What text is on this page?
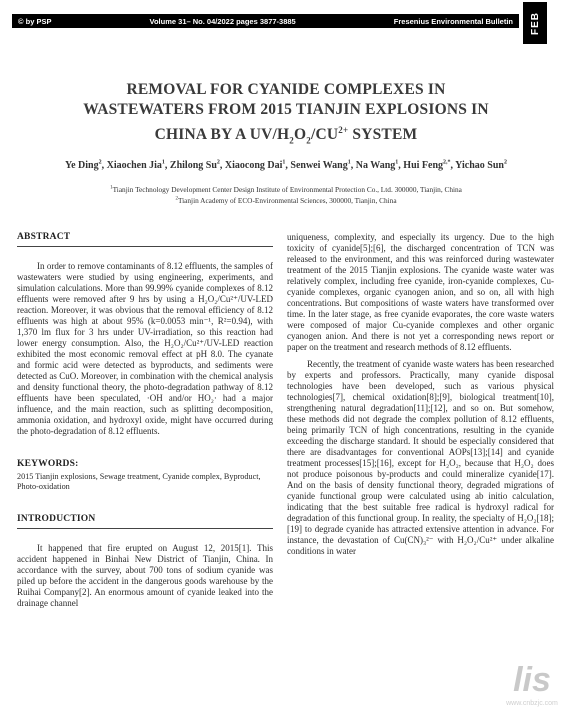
© by PSP	Volume 31– No. 04/2022 pages 3877-3885	Fresenius Environmental Bulletin FEB
REMOVAL FOR CYANIDE COMPLEXES IN
WASTEWATERS FROM 2015 TIANJIN EXPLOSIONS IN
CHINA BY A $UV/H_2O_2/CU^{2+}$ SYSTEM
Ye Ding$^2$, Xiaochen Jia$^1$, Zhilong Su$^2$, Xiaocong Dai$^1$, Senwei Wang$^1$, Na Wang$^1$, Hui Feng$^{2,*}$, Yichao Sun$^2$
$^1$Tianjin Technology Development Center Design Institute of Environmental Protection Co., Ltd. 300000, Tianjin, China
$^2$Tianjin Academy of ECO-Environmental Sciences, 300000, Tianjin, China
ABSTRACT

In order to remove contaminants of 8.12 effluents, the samples of wastewaters were studied by using engineering, experiments, and simulation calculations. More than 99.99% cyanide complexes of 8.12 effluents were removed after 9 hrs by using a H₂O₂/Cu²⁺/UV-LED reaction. Moreover, it was obvious that the removal efficiency of 8.12 effluents was high at about 95% (k=0.0053 min⁻¹, R²=0.94), with 1,370 lm flux for 3 hrs under UV-irradiation, so this reaction had lower energy consumption. Also, the H₂O₂/Cu²⁺/UV-LED reaction exhibited the most economic removal effect at pH 8.0. The cyanate and formic acid were detected as byproducts, and sediments were detected as CuO. Moreover, in combination with the chemical analysis and density functional theory, the photo-degradation pathway of 8.12 effluents have been speculated, ·OH and/or HO₂· had a major influence, and the main reaction, such as splitting decomposition, ammonia oxidation, and hydroxyl oxide, might have occurred during the photo-degradation of 8.12 effluents.

KEYWORDS:

2015 Tianjin explosions, Sewage treatment, Cyanide complex, Byproduct, Photo-oxidation

INTRODUCTION

It happened that fire erupted on August 12, 2015[1]. This accident happened in Binhai New District of Tianjin, China. In accordance with the survey, about 700 tons of sodium cyanide was piled up before the accident in the dangerous goods warehouse by the Ruihai Company[2]. An enormous amount of cyanide leaked into the drainage channel

uniqueness, complexity, and especially its urgency. Due to the high toxicity of cyanide[5];[6], the discharged concentration of TCN was released to the environment, and this was reinforced during wastewater treatment of the 2015 Tianjin explosions. The cyanide waste water was relatively complex, including free cyanide, iron-cyanide complexes, Cu-cyanide complexes, organic cyanogen anion, and so on, all with high concentrations. But compositions of waste waters have transformed over time. In the later stage, as free cyanide evaporates, the core waste waters were composed of major Cu-cyanide complexes and other organic cyanogen anion. And there is not yet a corresponding news report or paper on the treatment and research methods of 8.12 effluents.

Recently, the treatment of cyanide waste waters has been researched by experts and professors. Practically, many cyanide disposal technologies have been developed, such as various physical technologies[7], chemical oxidation[8];[9], biological treatment[10], strengthening natural degradation[11];[12], and so on. But somehow, these methods did not degrade the complex pollution of 8.12 effluents, being primarily TCN of high concentrations, resulting in the cyanide exceeding the discharge standard. It should be especially considered that there are disadvantages for conventional AOPs[13];[14] and cyanide treatment processes[15];[16], except for H₂O₂, because that H₂O₂ does not produce poisonous by-products and could mineralize cyanide[17]. And on the basis of density functional theory, degraded migrations of cyanide functional group were calculated using ab initio calculation, indicating that the best suitable free radical is hydroxyl radical for degradation of this functional group. In reality, the specialty of H₂O₂[18];[19] to degrade cyanide has attracted extensive attention in advance. For instance, the devastation of Cu(CN)₃²⁻ with H₂O₂/Cu²⁺ under alkaline conditions in water

lis
www.cnbzjc.com
